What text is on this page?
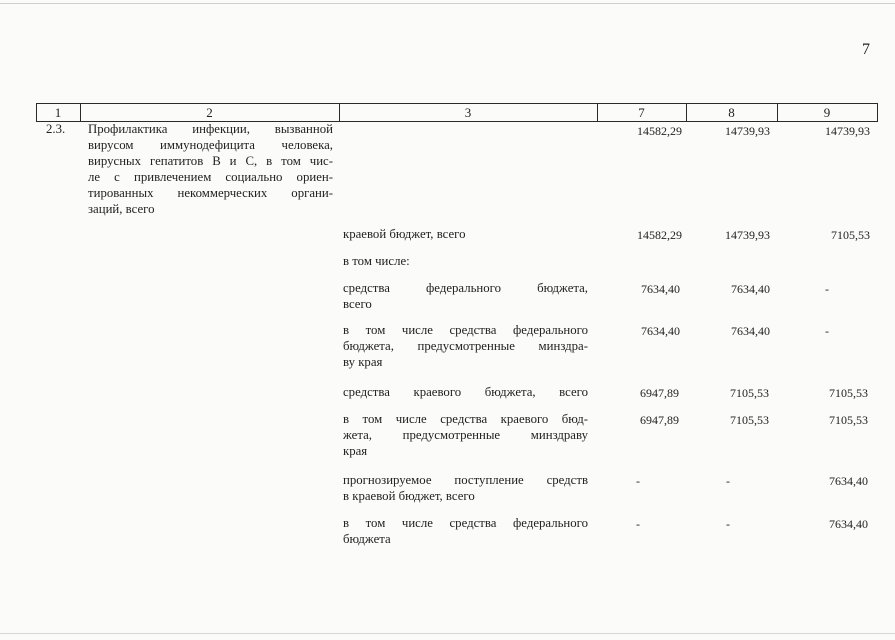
7
1	2	3	7	8	9
2.3. Профилактика инфекции, вызванной
вирусом иммунодефицита человека,
вирусных гепатитов В и С, в том чис-
ле с привлечением социально ориен-
тированных некоммерческих органи-
заций, всего
14582,29	14739,93	14739,93
краевой бюджет, всего	14582,29	14739,93	7105,53
в том числе:
средства федерального бюджета,
всего
7634,40	7634,40	-
в том числе средства федерального
бюджета, предусмотренные минздра-
ву края
7634,40	7634,40	-
средства краевого бюджета, всего	6947,89	7105,53	7105,53
в том числе средства краевого бюд-
жета, предусмотренные минздраву
края
6947,89	7105,53	7105,53
прогнозируемое поступление средств
в краевой бюджет, всего
-	-	7634,40
в том числе средства федерального
бюджета
-	-	7634,40
